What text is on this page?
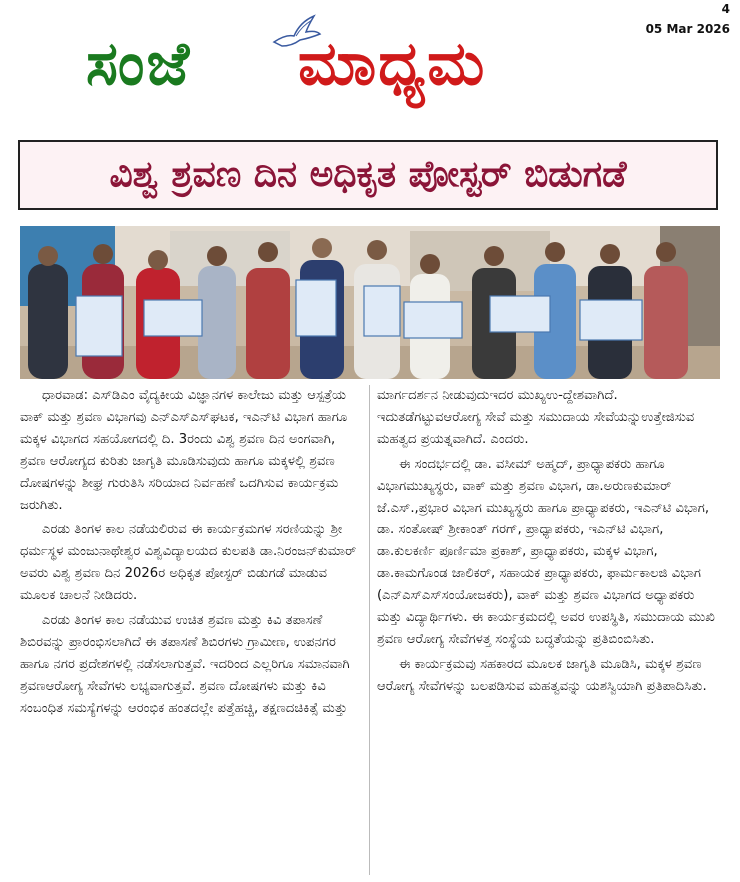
4
05 Mar 2026
ಸಂಜೆ ಮಾಧ್ಯಮ
ವಿಶ್ವ ಶ್ರವಣ ದಿನ ಅಧಿಕೃತ ಪೋಸ್ಟರ್ ಬಿಡುಗಡೆ

ಧಾರವಾಡ: ಎಸ್‌ಡಿಎಂ ವೈದ್ಯಕೀಯ ವಿಜ್ಞಾನಗಳ ಕಾಲೇಜು ಮತ್ತು ಆಸ್ಪತ್ರೆಯ ವಾಕ್ ಮತ್ತು ಶ್ರವಣ ವಿಭಾಗವು ಎನ್‌ಎಸ್‌ಎಸ್‌ಘಟಕ, ಇಎನ್‌ಟಿ ವಿಭಾಗ ಹಾಗೂ ಮಕ್ಕಳ ವಿಭಾಗದ ಸಹಯೋಗದಲ್ಲಿ ದಿ. 3ರಂದು ವಿಶ್ವ ಶ್ರವಣ ದಿನ ಅಂಗವಾಗಿ, ಶ್ರವಣ ಆರೋಗ್ಯದ ಕುರಿತು ಜಾಗೃತಿ ಮೂಡಿಸುವುದು ಹಾಗೂ ಮಕ್ಕಳಲ್ಲಿ ಶ್ರವಣ ದೋಷಗಳನ್ನು ಶೀಘ್ರ ಗುರುತಿಸಿ ಸರಿಯಾದ ನಿರ್ವಹಣೆ ಒದಗಿಸುವ ಕಾರ್ಯಕ್ರಮ ಜರುಗಿತು.

ಎರಡು ತಿಂಗಳ ಕಾಲ ನಡೆಯಲಿರುವ ಈ ಕಾರ್ಯಕ್ರಮಗಳ ಸರಣಿಯನ್ನು ಶ್ರೀ ಧರ್ಮಸ್ಥಳ ಮಂಜುನಾಥೇಶ್ವರ ವಿಶ್ವವಿದ್ಯಾಲಯದ ಕುಲಪತಿ ಡಾ.ನಿರಂಜನ್‌ಕುಮಾರ್ ಅವರು ವಿಶ್ವ ಶ್ರವಣ ದಿನ 2026ರ ಅಧಿಕೃತ ಪೋಸ್ಟರ್ ಬಿಡುಗಡೆ ಮಾಡುವ ಮೂಲಕ ಚಾಲನೆ ನೀಡಿದರು.

ಎರಡು ತಿಂಗಳ ಕಾಲ ನಡೆಯುವ ಉಚಿತ ಶ್ರವಣ ಮತ್ತು ಕಿವಿ ತಪಾಸಣೆ ಶಿಬಿರವನ್ನು ಪ್ರಾರಂಭಿಸಲಾಗಿದೆ ಈ ತಪಾಸಣೆ ಶಿಬಿರಗಳು ಗ್ರಾಮೀಣ, ಉಪನಗರ ಹಾಗೂ ನಗರ ಪ್ರದೇಶಗಳಲ್ಲಿ ನಡೆಸಲಾಗುತ್ತವೆ. ಇದರಿಂದ ಎಲ್ಲರಿಗೂ ಸಮಾನವಾಗಿ ಶ್ರವಣಆರೋಗ್ಯ ಸೇವೆಗಳು ಲಭ್ಯವಾಗುತ್ತವೆ. ಶ್ರವಣ ದೋಷಗಳು ಮತ್ತು ಕಿವಿ ಸಂಬಂಧಿತ ಸಮಸ್ಯೆಗಳನ್ನು ಆರಂಭಿಕ ಹಂತದಲ್ಲೇ ಪತ್ತೆಹಚ್ಚಿ, ತಕ್ಷಣದಚಿಕಿತ್ಸೆ ಮತ್ತು

ಮಾರ್ಗದರ್ಶನ ನೀಡುವುದುಇದರ ಮುಖ್ಯಉ-ದ್ದೇಶವಾಗಿದೆ. ಇದುತಡೆಗಟ್ಟುವಆರೋಗ್ಯ ಸೇವೆ ಮತ್ತು ಸಮುದಾಯ ಸೇವೆಯನ್ನುಉತ್ತೇಜಿಸುವ ಮಹತ್ವದ ಪ್ರಯತ್ನವಾಗಿದೆ. ಎಂದರು.

ಈ ಸಂದರ್ಭದಲ್ಲಿ ಡಾ. ವಸೀಮ್ ಅಹ್ಮದ್, ಪ್ರಾಧ್ಯಾಪಕರು ಹಾಗೂ ವಿಭಾಗಮುಖ್ಯಸ್ಥರು, ವಾಕ್ ಮತ್ತು ಶ್ರವಣ ವಿಭಾಗ, ಡಾ.ಅರುಣಕುಮಾರ್ ಜೆ.ಎಸ್.,ಪ್ರಭಾರ ವಿಭಾಗ ಮುಖ್ಯಸ್ಥರು ಹಾಗೂ ಪ್ರಾಧ್ಯಾಪಕರು, ಇಎನ್‌ಟಿ ವಿಭಾಗ, ಡಾ. ಸಂತೋಷ್ ಶ್ರೀಕಾಂತ್ ಗರಗ್, ಪ್ರಾಧ್ಯಾಪಕರು, ಇಎನ್‌ಟಿ ವಿಭಾಗ, ಡಾ.ಕುಲಕರ್ಣಿ ಪೂರ್ಣಿಮಾ ಪ್ರಕಾಶ್, ಪ್ರಾಧ್ಯಾಪಕರು, ಮಕ್ಕಳ ವಿಭಾಗ, ಡಾ.ಕಾಮಗೊಂಡ ಜಾಲಿಕರ್, ಸಹಾಯಕ ಪ್ರಾಧ್ಯಾಪಕರು, ಫಾರ್ಮಕಾಲಜಿ ವಿಭಾಗ (ಎನ್‌ಎಸ್‌ಎಸ್‌ಸಂಯೋಜಕರು), ವಾಕ್ ಮತ್ತು ಶ್ರವಣ ವಿಭಾಗದ ಅಧ್ಯಾಪಕರು ಮತ್ತು ವಿದ್ಯಾರ್ಥಿಗಳು. ಈ ಕಾರ್ಯಕ್ರಮದಲ್ಲಿ ಅವರ ಉಪಸ್ಥಿತಿ, ಸಮುದಾಯ ಮುಖಿ ಶ್ರವಣ ಆರೋಗ್ಯ ಸೇವೆಗಳತ್ತ ಸಂಸ್ಥೆಯ ಬದ್ಧತೆಯನ್ನು ಪ್ರತಿಬಿಂಬಿಸಿತು.

ಈ ಕಾರ್ಯಕ್ರಮವು ಸಹಕಾರದ ಮೂಲಕ ಜಾಗೃತಿ ಮೂಡಿಸಿ, ಮಕ್ಕಳ ಶ್ರವಣ ಆರೋಗ್ಯ ಸೇವೆಗಳನ್ನು ಬಲಪಡಿಸುವ ಮಹತ್ವವನ್ನು ಯಶಸ್ವಿಯಾಗಿ ಪ್ರತಿಪಾದಿಸಿತು.
